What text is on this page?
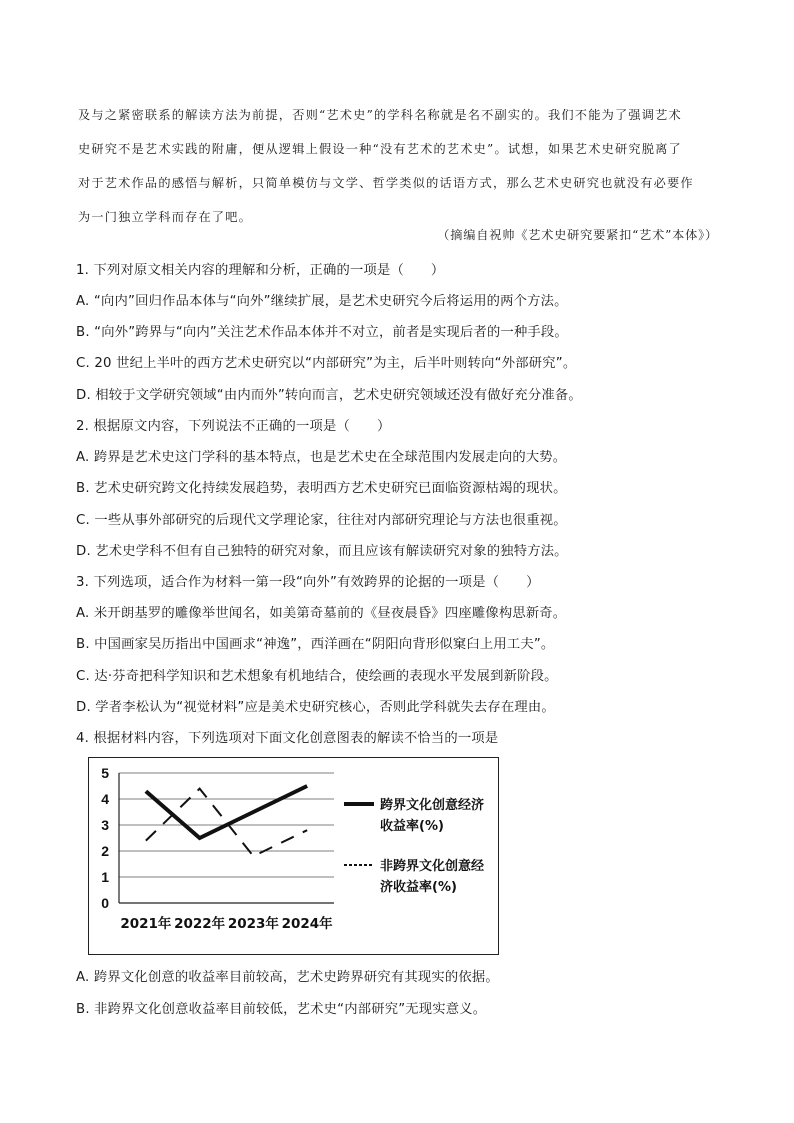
及与之紧密联系的解读方法为前提，否则“艺术史”的学科名称就是名不副实的。我们不能为了强调艺术

史研究不是艺术实践的附庸，便从逻辑上假设一种“没有艺术的艺术史”。试想，如果艺术史研究脱离了

对于艺术作品的感悟与解析，只简单模仿与文学、哲学类似的话语方式，那么艺术史研究也就没有必要作

为一门独立学科而存在了吧。

（摘编自祝帅《艺术史研究要紧扣“艺术”本体》）
1. 下列对原文相关内容的理解和分析，正确的一项是（　　）
A. “向内”回归作品本体与“向外”继续扩展，是艺术史研究今后将运用的两个方法。
B. “向外”跨界与“向内”关注艺术作品本体并不对立，前者是实现后者的一种手段。
C. 20 世纪上半叶的西方艺术史研究以“内部研究”为主，后半叶则转向“外部研究”。
D. 相较于文学研究领域“由内而外”转向而言，艺术史研究领域还没有做好充分准备。
2. 根据原文内容，下列说法不正确的一项是（　　）
A. 跨界是艺术史这门学科的基本特点，也是艺术史在全球范围内发展走向的大势。
B. 艺术史研究跨文化持续发展趋势，表明西方艺术史研究已面临资源枯竭的现状。
C. 一些从事外部研究的后现代文学理论家，往往对内部研究理论与方法也很重视。
D. 艺术史学科不但有自己独特的研究对象，而且应该有解读研究对象的独特方法。
3. 下列选项，适合作为材料一第一段“向外”有效跨界的论据的一项是（　　）
A. 米开朗基罗的雕像举世闻名，如美第奇墓前的《昼夜晨昏》四座雕像构思新奇。
B. 中国画家吴历指出中国画求“神逸”，西洋画在“阴阳向背形似窠臼上用工夫”。
C. 达·芬奇把科学知识和艺术想象有机地结合，使绘画的表现水平发展到新阶段。
D. 学者李松认为“视觉材料”应是美术史研究核心，否则此学科就失去存在理由。
4. 根据材料内容，下列选项对下面文化创意图表的解读不恰当的一项是
0
1
2
3
4
5
2021年 2022年 2023年 2024年
跨界文化创意经济
收益率(%)
非跨界文化创意经
济收益率(%)
A. 跨界文化创意的收益率目前较高，艺术史跨界研究有其现实的依据。
B. 非跨界文化创意收益率目前较低，艺术史“内部研究”无现实意义。
